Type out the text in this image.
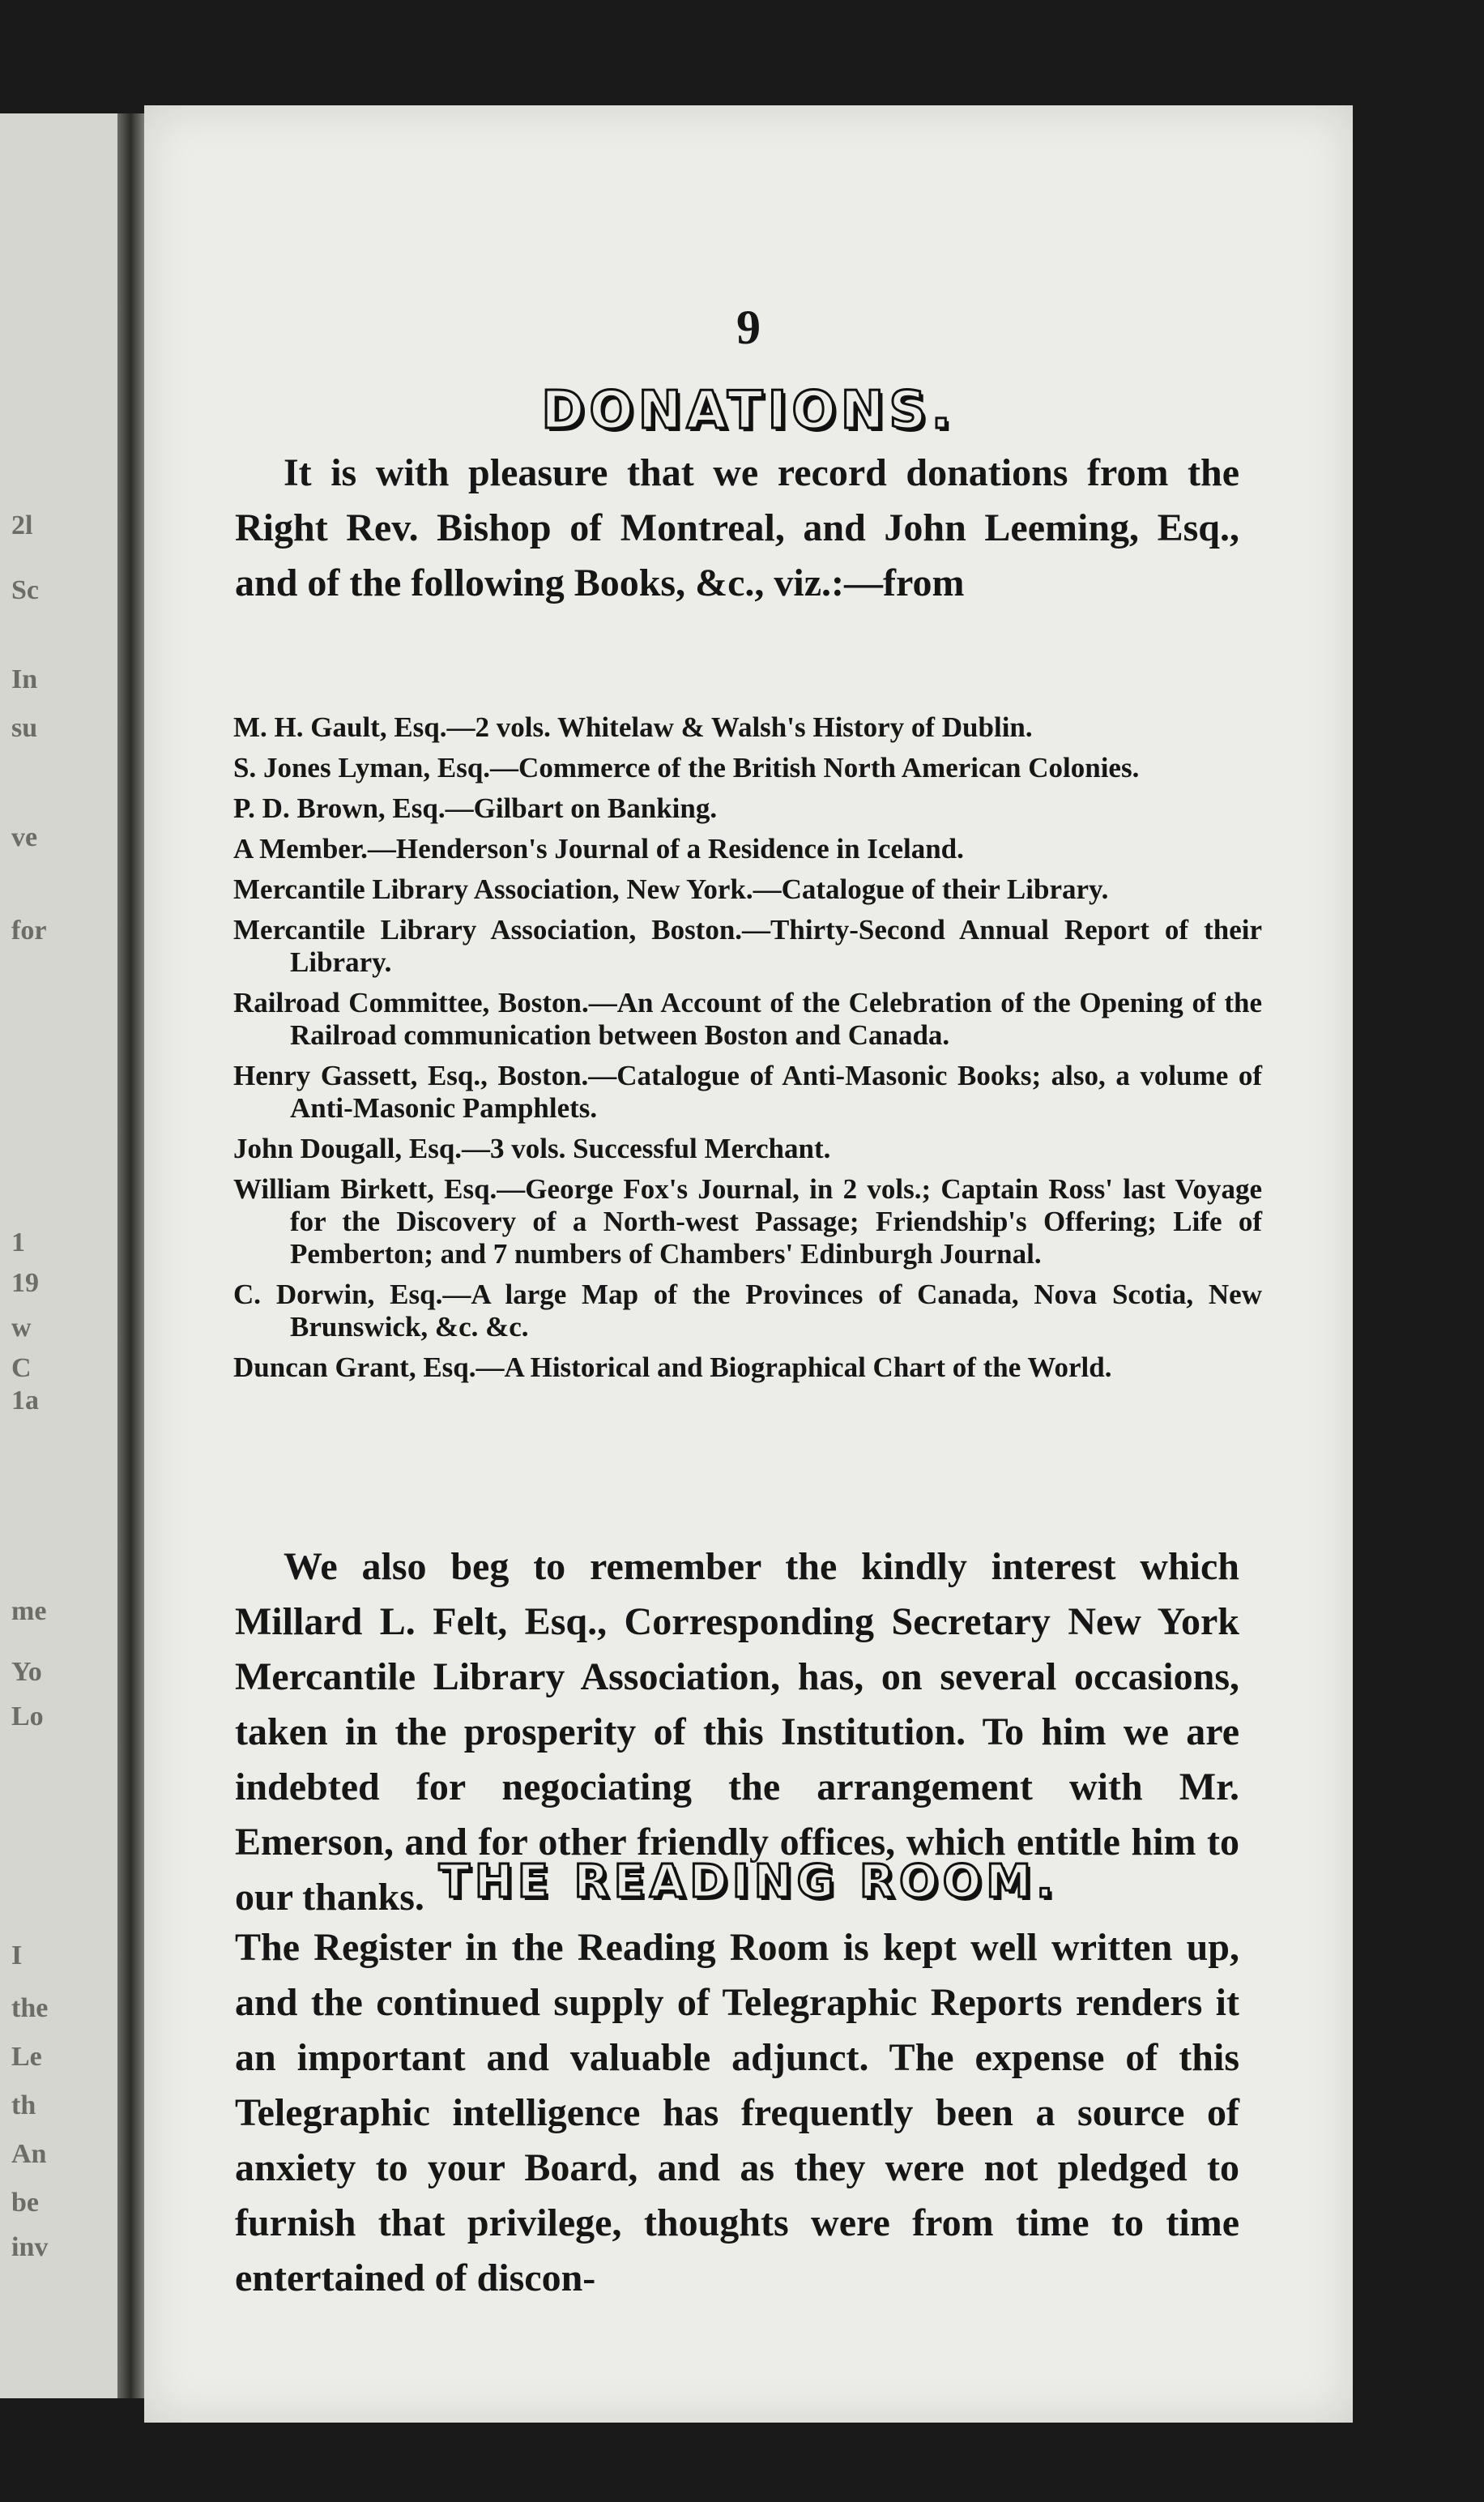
2l
Sc
In
su
ve
for
1
19
w
C
1a
me
Yo
Lo
I
the
Le
th
An
be
inv
9
DONATIONS.
It is with pleasure that we record donations from the Right Rev. Bishop of Montreal, and John Leeming, Esq., and of the following Books, &c., viz.:—from
M. H. Gault, Esq.—2 vols. Whitelaw & Walsh's History of Dublin.
S. Jones Lyman, Esq.—Commerce of the British North American Colonies.
P. D. Brown, Esq.—Gilbart on Banking.
A Member.—Henderson's Journal of a Residence in Iceland.
Mercantile Library Association, New York.—Catalogue of their Library.
Mercantile Library Association, Boston.—Thirty-Second Annual Report of their Library.
Railroad Committee, Boston.—An Account of the Celebration of the Opening of the Railroad communication between Boston and Canada.
Henry Gassett, Esq., Boston.—Catalogue of Anti-Masonic Books; also, a volume of Anti-Masonic Pamphlets.
John Dougall, Esq.—3 vols. Successful Merchant.
William Birkett, Esq.—George Fox's Journal, in 2 vols.; Captain Ross' last Voyage for the Discovery of a North-west Passage; Friendship's Offering; Life of Pemberton; and 7 numbers of Chambers' Edinburgh Journal.
C. Dorwin, Esq.—A large Map of the Provinces of Canada, Nova Scotia, New Brunswick, &c. &c.
Duncan Grant, Esq.—A Historical and Biographical Chart of the World.
We also beg to remember the kindly interest which Millard L. Felt, Esq., Corresponding Secretary New York Mercantile Library Association, has, on several occasions, taken in the prosperity of this Institution. To him we are indebted for negociating the arrangement with Mr. Emerson, and for other friendly offices, which entitle him to our thanks. THE READING ROOM.
The Register in the Reading Room is kept well written up, and the continued supply of Telegraphic Reports renders it an important and valuable adjunct. The expense of this Telegraphic intelligence has frequently been a source of anxiety to your Board, and as they were not pledged to furnish that privilege, thoughts were from time to time entertained of discon-
